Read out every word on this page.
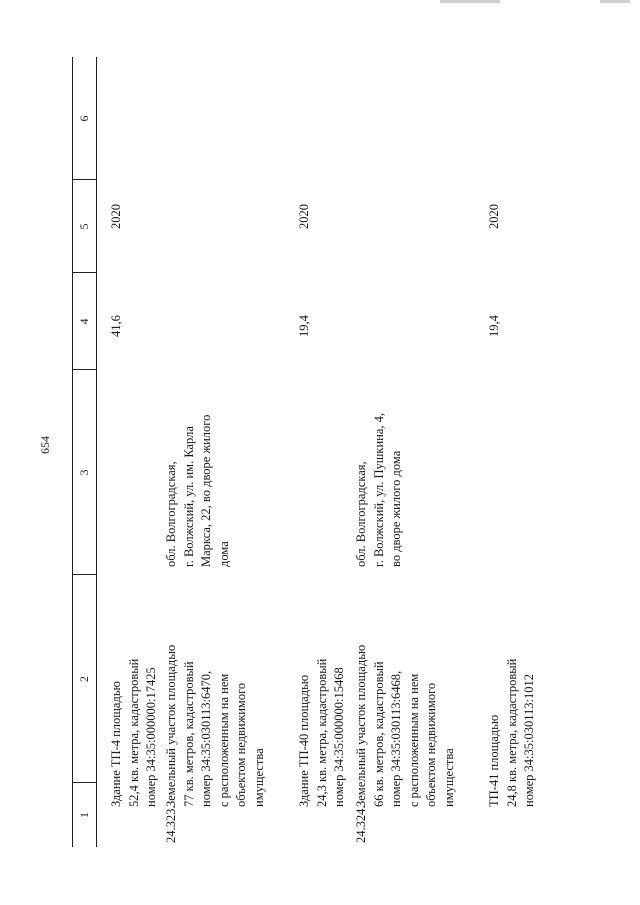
654
1
2
3
4
5
6
Здание ТП-4 площадью
52,4 кв. метра, кадастровый
номер 34:35:000000:17425
41,6
2020
24.323.
Земельный участок площадью
77 кв. метров, кадастровый
номер 34:35:030113:6470,
с расположенным на нем
объектом недвижимого
имущества
обл. Волгоградская,
г. Волжский, ул. им. Карла
Маркса, 22, во дворе жилого
дома
Здание ТП-40 площадью
24,3 кв. метра, кадастровый
номер 34:35:000000:15468
19,4
2020
24.324.
Земельный участок площадью
66 кв. метров, кадастровый
номер 34:35:030113:6468,
с расположенным на нем
объектом недвижимого
имущества
обл. Волгоградская,
г. Волжский, ул. Пушкина, 4,
во дворе жилого дома
ТП-41 площадью
24,8 кв. метра, кадастровый
номер 34:35:030113:1012
19,4
2020
